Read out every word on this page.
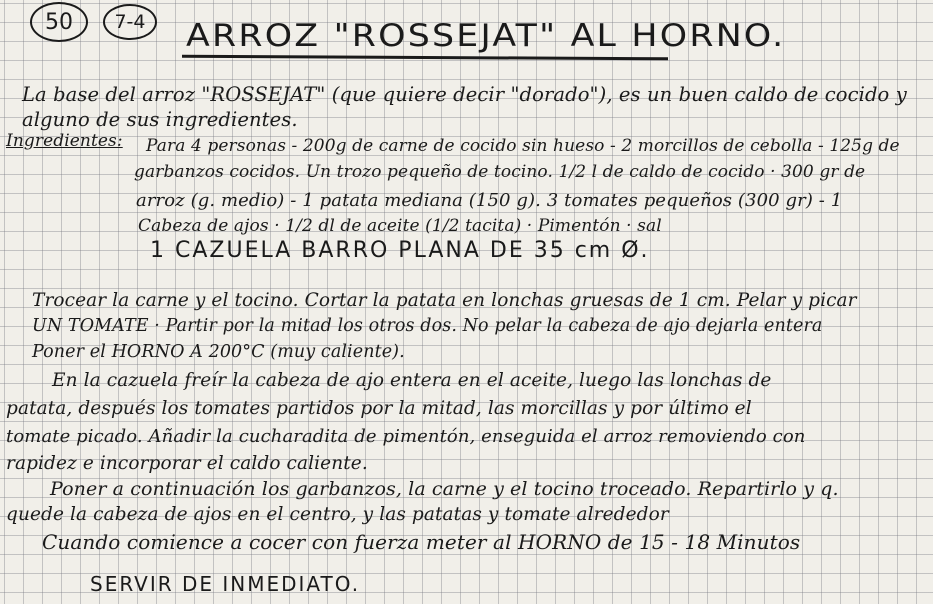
50 7-4 ARROZ "ROSSEJAT" AL HORNO.
La base del arroz "ROSSEJAT" (que quiere decir "dorado"), es un buen caldo de cocido y
alguno de sus ingredientes.
Ingredientes: Para 4 personas - 200g de carne de cocido sin hueso - 2 morcillos de cebolla - 125g de
garbanzos cocidos. Un trozo pequeño de tocino. 1/2 l de caldo de cocido · 300 gr de
arroz (g. medio) - 1 patata mediana (150 g). 3 tomates pequeños (300 gr) - 1
Cabeza de ajos · 1/2 dl de aceite (1/2 tacita) · Pimentón · sal
1 CAZUELA BARRO PLANA DE 35 cm Ø.
Trocear la carne y el tocino. Cortar la patata en lonchas gruesas de 1 cm. Pelar y picar
UN TOMATE · Partir por la mitad los otros dos. No pelar la cabeza de ajo dejarla entera
Poner el HORNO A 200°C (muy caliente).
En la cazuela freír la cabeza de ajo entera en el aceite, luego las lonchas de
patata, después los tomates partidos por la mitad, las morcillas y por último el
tomate picado. Añadir la cucharadita de pimentón, enseguida el arroz removiendo con
rapidez e incorporar el caldo caliente.
Poner a continuación los garbanzos, la carne y el tocino troceado. Repartirlo y q.
quede la cabeza de ajos en el centro, y las patatas y tomate alrededor
Cuando comience a cocer con fuerza meter al HORNO de 15 - 18 Minutos
SERVIR DE INMEDIATO.
